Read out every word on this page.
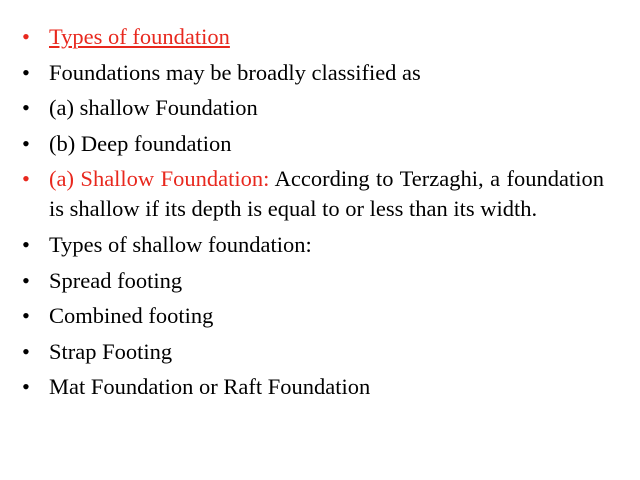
• Types of foundation
• Foundations may be broadly classified as
• (a) shallow Foundation
• (b) Deep foundation
• (a) Shallow Foundation: According to Terzaghi, a foundation is shallow if its depth is equal to or less than its width.
• Types of shallow foundation:
• Spread footing
• Combined footing
• Strap Footing
• Mat Foundation or Raft Foundation
